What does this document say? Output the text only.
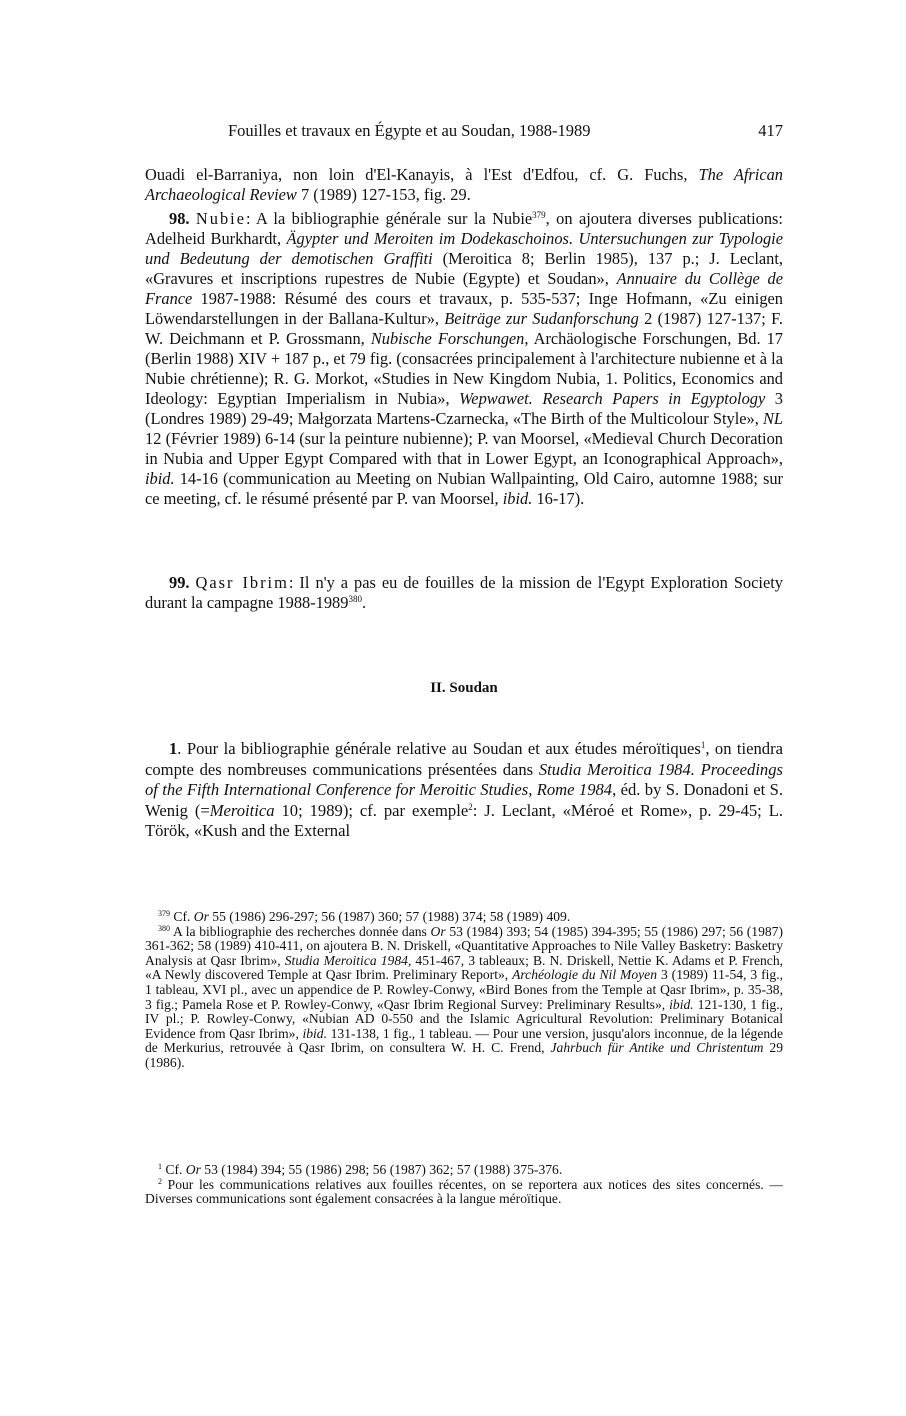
Fouilles et travaux en Égypte et au Soudan, 1988-1989	417

Ouadi el-Barraniya, non loin d'El-Kanayis, à l'Est d'Edfou, cf. G. Fuchs, The African Archaeological Review 7 (1989) 127-153, fig. 29.

98. Nubie: A la bibliographie générale sur la Nubie$^{379}$, on ajoutera diverses publications: Adelheid Burkhardt, Ägypter und Meroiten im Dodekaschoinos. Untersuchungen zur Typologie und Bedeutung der demotischen Graffiti (Meroitica 8; Berlin 1985), 137 p.; J. Leclant, «Gravures et inscriptions rupestres de Nubie (Egypte) et Soudan», Annuaire du Collège de France 1987-1988: Résumé des cours et travaux, p. 535-537; Inge Hofmann, «Zu einigen Löwendarstellungen in der Ballana-Kultur», Beiträge zur Sudanforschung 2 (1987) 127-137; F. W. Deichmann et P. Grossmann, Nubische Forschungen, Archäologische Forschungen, Bd. 17 (Berlin 1988) XIV + 187 p., et 79 fig. (consacrées principalement à l'architecture nubienne et à la Nubie chrétienne); R. G. Morkot, «Studies in New Kingdom Nubia, 1. Politics, Economics and Ideology: Egyptian Imperialism in Nubia», Wepwawet. Research Papers in Egyptology 3 (Londres 1989) 29-49; Małgorzata Martens-Czarnecka, «The Birth of the Multicolour Style», NL 12 (Février 1989) 6-14 (sur la peinture nubienne); P. van Moorsel, «Medieval Church Decoration in Nubia and Upper Egypt Compared with that in Lower Egypt, an Iconographical Approach», ibid. 14-16 (communication au Meeting on Nubian Wallpainting, Old Cairo, automne 1988; sur ce meeting, cf. le résumé présenté par P. van Moorsel, ibid. 16-17).

99. Qasr Ibrim: Il n'y a pas eu de fouilles de la mission de l'Egypt Exploration Society durant la campagne 1988-1989$^{380}$.

II. Soudan

1. Pour la bibliographie générale relative au Soudan et aux études méroïtiques$^1$, on tiendra compte des nombreuses communications présentées dans Studia Meroitica 1984. Proceedings of the Fifth International Conference for Meroitic Studies, Rome 1984, éd. by S. Donadoni et S. Wenig (=Meroitica 10; 1989); cf. par exemple$^2$: J. Leclant, «Méroé et Rome», p. 29-45; L. Török, «Kush and the External

$^{379}$ Cf. Or 55 (1986) 296-297; 56 (1987) 360; 57 (1988) 374; 58 (1989) 409.

$^{380}$ A la bibliographie des recherches donnée dans Or 53 (1984) 393; 54 (1985) 394-395; 55 (1986) 297; 56 (1987) 361-362; 58 (1989) 410-411, on ajoutera B. N. Driskell, «Quantitative Approaches to Nile Valley Basketry: Basketry Analysis at Qasr Ibrim», Studia Meroitica 1984, 451-467, 3 tableaux; B. N. Driskell, Nettie K. Adams et P. French, «A Newly discovered Temple at Qasr Ibrim. Preliminary Report», Archéologie du Nil Moyen 3 (1989) 11-54, 3 fig., 1 tableau, XVI pl., avec un appendice de P. Rowley-Conwy, «Bird Bones from the Temple at Qasr Ibrim», p. 35-38, 3 fig.; Pamela Rose et P. Rowley-Conwy, «Qasr Ibrim Regional Survey: Preliminary Results», ibid. 121-130, 1 fig., IV pl.; P. Rowley-Conwy, «Nubian AD 0-550 and the Islamic Agricultural Revolution: Preliminary Botanical Evidence from Qasr Ibrim», ibid. 131-138, 1 fig., 1 tableau. — Pour une version, jusqu'alors inconnue, de la légende de Merkurius, retrouvée à Qasr Ibrim, on consultera W. H. C. Frend, Jahrbuch für Antike und Christentum 29 (1986).

$^1$ Cf. Or 53 (1984) 394; 55 (1986) 298; 56 (1987) 362; 57 (1988) 375-376.

$^2$ Pour les communications relatives aux fouilles récentes, on se reportera aux notices des sites concernés. — Diverses communications sont également consacrées à la langue méroïtique.
